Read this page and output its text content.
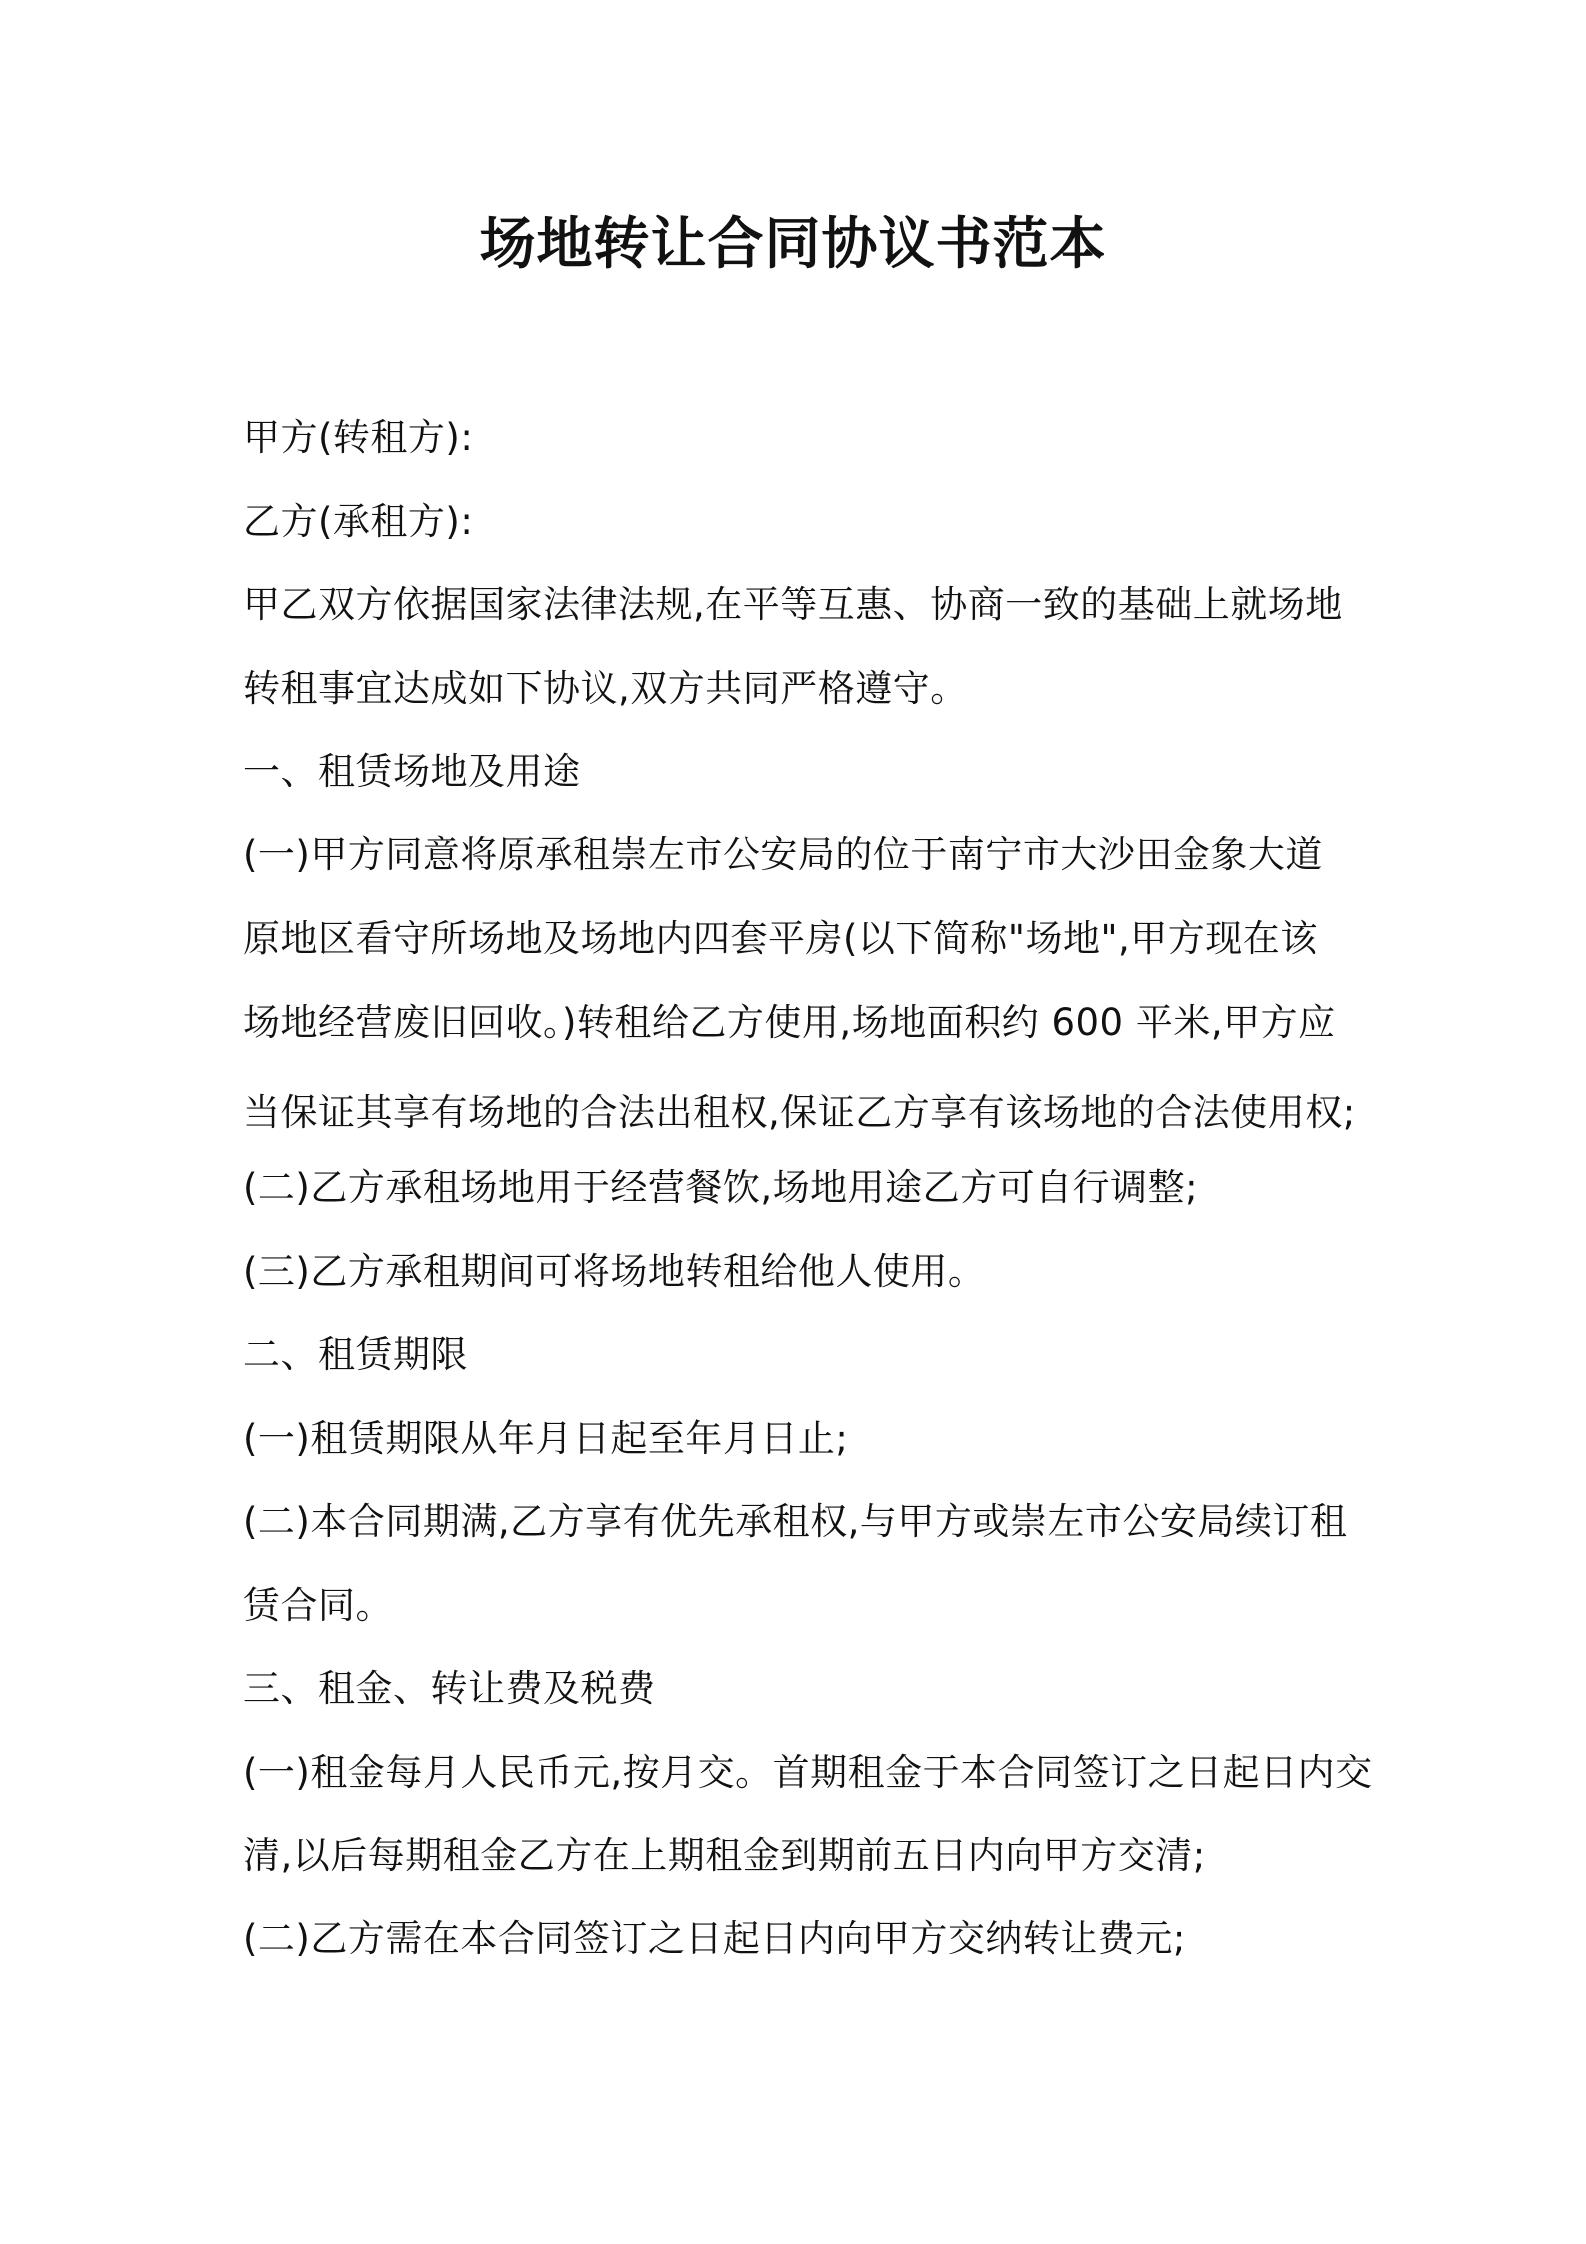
场地转让合同协议书范本
甲方(转租方):
乙方(承租方):
甲乙双方依据国家法律法规,在平等互惠、协商一致的基础上就场地
转租事宜达成如下协议,双方共同严格遵守。
一、租赁场地及用途
(一)甲方同意将原承租崇左市公安局的位于南宁市大沙田金象大道
原地区看守所场地及场地内四套平房(以下简称"场地",甲方现在该
场地经营废旧回收。)转租给乙方使用,场地面积约 600 平米,甲方应
当保证其享有场地的合法出租权,保证乙方享有该场地的合法使用权;
(二)乙方承租场地用于经营餐饮,场地用途乙方可自行调整;
(三)乙方承租期间可将场地转租给他人使用。
二、租赁期限
(一)租赁期限从年月日起至年月日止;
(二)本合同期满,乙方享有优先承租权,与甲方或崇左市公安局续订租
赁合同。
三、租金、转让费及税费
(一)租金每月人民币元,按月交。首期租金于本合同签订之日起日内交
清,以后每期租金乙方在上期租金到期前五日内向甲方交清;
(二)乙方需在本合同签订之日起日内向甲方交纳转让费元;
